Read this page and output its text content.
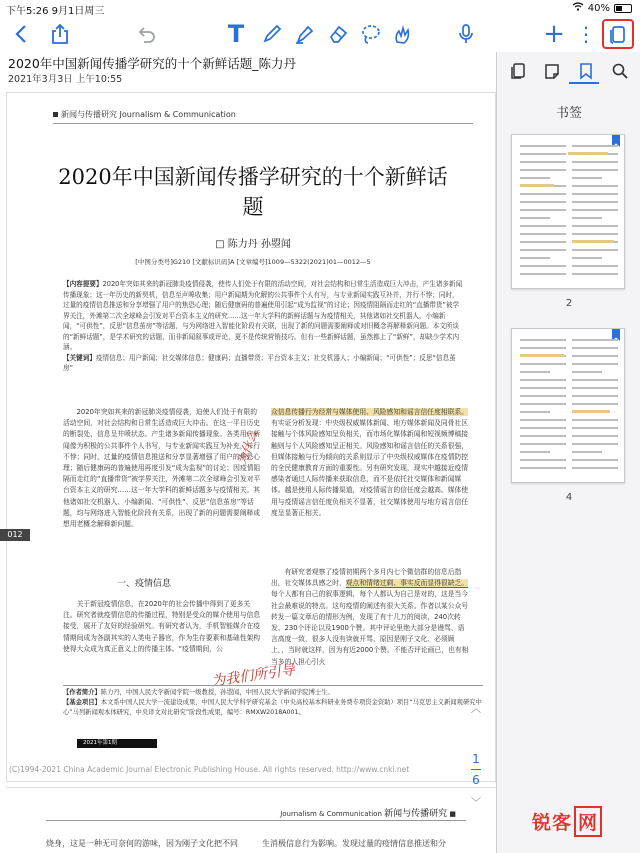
下午5:26 9月1日周三	40%
T	+ ⋮
2020年中国新闻传播学研究的十个新鲜话题_陈力丹
2021年3月3日 上午10:55
新闻与传播研究 Journalism & Communication
2020年中国新闻传播学研究的十个新鲜话题
□ 陈力丹 孙曌闻
[中图分类号]G210 [文献标识码]A [文章编号]1009—5322(2021)01—0012—5
【内容提要】2020年突如其来的新冠肺炎疫情侵袭，使传人们处于有限的活动空间，对社会结构和日常生活造成巨大冲击，产生诸多新闻传播现象；这一年历史的新契机，信息至声嗥收集；用户新闻期为化解的公共事件个人有写，与专业新闻实践互补并，并行不悖；同时，过量的疫情信息推送和分享增强了用户的焦恐心理；随后健康码的普遍使用引起“成为监视”的讨论；因疫情阻隔而走红的“直播带货”被学界关注，外滩第二次全球峰会引发对平台资本主义的研究……这一年大学科的新鲜话题与为疫情相关，其他诸如社交机器人，小编新闻，“可供性”，反思“信息茧房”等话题，与为网络进入智能化阶段有关联，出现了新的问题需要阐释或对旧概念再解释新问题。本文所谈的“新鲜话题”，是学术研究的话题，而非新闻叙事或评论，更不是传统营销技巧。但有一些新鲜话题，虽然都上了“新鲜”，却缺少学术内涵。
【关键词】疫情信息；用户新闻；社交媒体信息；健康码；直播带货；平台资本主义；社交机器人；小编新闻；“可供性”；反思“信息茧房”

2020年突如其来的新冠肺炎疫情侵袭，迫使人们处于有限的活动空间，对社会结构和日常生活造成巨大冲击。在这一平日历史的断裂处，信息呈井喷状态。产生诸多新闻传播现象。各类用户新闻像为积极的公共事件个人书写，与专业新闻实践互为补充，并行不悖；同时，过量的疫情信息推送和分享显著增强了用户的焦恐心理；随后健康码的普遍使用再度引发“成为监视”的讨论；因疫情阻隔而走红的“直播带货”被学界关注，外滩第二次全球峰会引发对平台资本主义的研究……这一年大学科的新鲜话题多与疫情相关。其他诸如社交机器人、小编新闻、“可供性”、反思“信息茧房”等话题，均与网络进入智能化阶段有关系，出现了新的问题需要阐释或想用老概念解释新问题。

一、疫情信息

关于新冠疫情信息，在2020年的社会传播中得到了更多关注。研究者就疫情信息的传播过程，特别是受众的媒介使用与信息接受，展开了友好的经验研究。有研究者认为，手机智能媒介在疫情期间成为各副其实的人类电子器官，作为生存要素和基础性架构使得大众成为真正意义上的传播主体。“疫情期间，公

众信息传播行为经常与媒体使用、风险感知和谣言信任度相联系。有实证分析发现：中央级权威媒体新闻、地方媒体新闻及同骨社区接触与个体风险感知呈负相关，而市场化媒体新闻和短视频博稿接触则与个人风险感知呈正相关。风险感知和谣言信任的关系很强，但媒体接触与行为倾向的关系则显示了中央级权威媒体在疫情防控的全民健康教育方面的重要性。另有研究发现，现实中越接近疫情感染者通过人际传播来获取信息，而不是依托社交媒体和新闻媒体。越是使用人际传播渠道，对疫情谣言的信任度会越高。媒体使用与疫情谣言信任度负相关不显著，社交媒体使用与地方谣言信任度呈显著正相关。

有研究者观察了疫情初期两个多月内七个微信群的信息后指出，社交媒体具感之时，观点和情绪过剩、事实反而显得很缺乏。每个人都有自己的叙事逻辑，每个人都认为自己是对的，这是当今社会最难说的特点。这句疫情的阐述有很大关系。作者以某公众号转发一篇文章后的情形为例，发现了有十几万的阅读，240次转发、230个评论以及1900个赞。其中评论里绝大部分是谩骂、语言高度一致，很多人没有读就开骂，原因是刚子文化、必须顾上，，当时就这样，因为有近2000个赞。不能否评论画已，也有相当多的人担心引火

为什么
为我们所引导
【作者简介】陈力丹，中国人民大学新闻学院一级教授，孙曌闻，中国人民大学新闻学院博士生。
【基金项目】本文系中国人民大学一流建设成果，中国人民大学科学研究基金（中央高校基本科研业务费专项资金资助）项目“马克思主义新闻观研究中心”马列新闻观本体研究，中央译文对比研究”阶段性成果，编号：RMXW2018A001。
2021年第1期
(C)1994-2021 China Academic Journal Electronic Publishing House. All rights reserved. http://www.cnki.net
012
Journalism & Communication 新闻与传播研究 ■
烧身，这是一种无可奈何的游味，因为刚子文化把不同	生消极信息行为影响。发现过量的疫情信息推送和分
︿
1
6
﹀
书签
2
4
锐客 网
